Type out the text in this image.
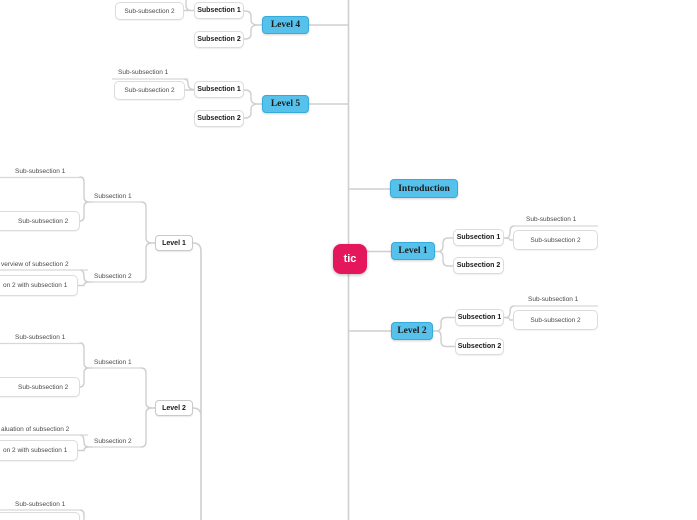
Sub-subsection 2	Subsection 1
Subsection 2
Level 4
Sub-subsection 1
Sub-subsection 2	Subsection 1
Subsection 2
Level 5
Introduction
tic
Level 1
Subsection 1
Subsection 2
Sub-subsection 1
Sub-subsection 2
Level 2
Subsection 1
Subsection 2
Sub-subsection 1
Sub-subsection 2
Level 1
Subsection 1
Subsection 2
Sub-subsection 1
Sub-subsection 2
verview of subsection 2
on 2 with subsection 1
Level 2
Subsection 1
Subsection 2
Sub-subsection 1
Sub-subsection 2
aluation of subsection 2
on 2 with subsection 1
Sub-subsection 1
